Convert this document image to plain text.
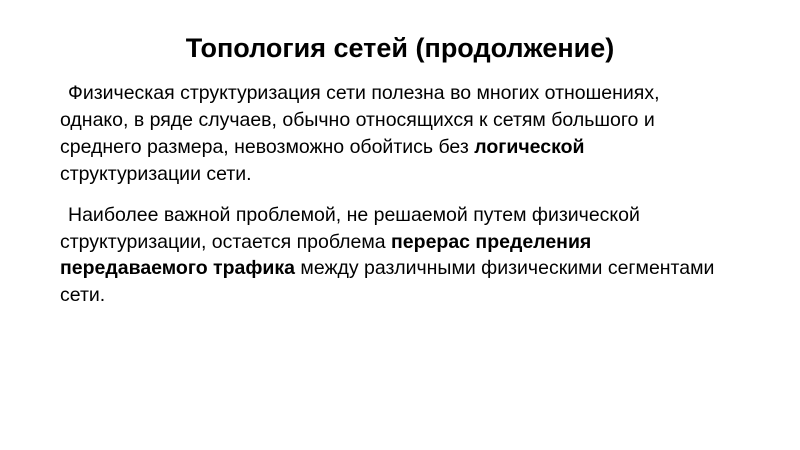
Топология сетей (продолжение)

Физическая структуризация сети полезна во многих отношениях, однако, в ряде случаев, обычно относящихся к сетям большого и среднего размера, невозможно обойтись без логической структуризации сети.

Наиболее важной проблемой, не решаемой путем физической структуризации, остается проблема перерас пределения передаваемого трафика между различными физическими сегментами сети.
